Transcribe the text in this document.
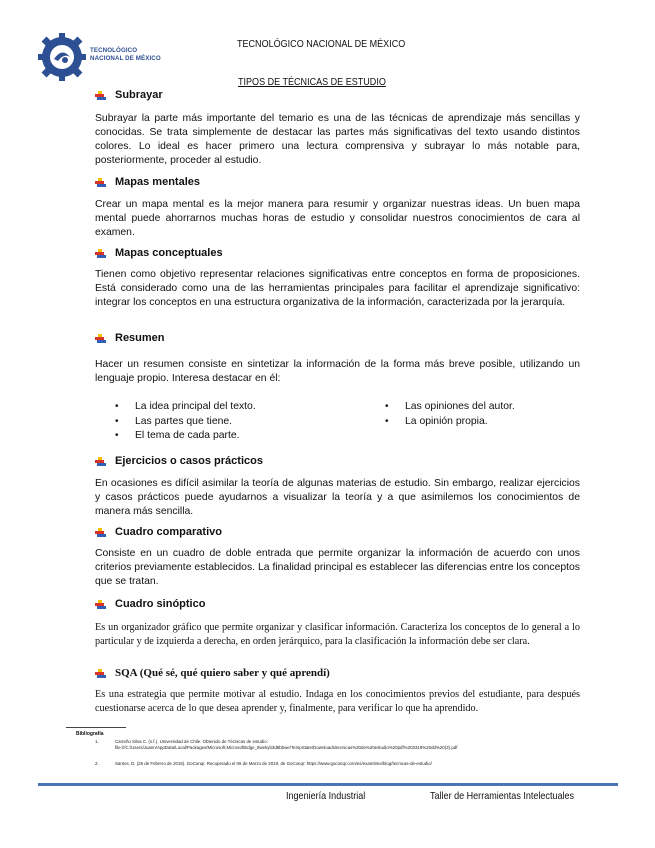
TECNOLÓGICO
NACIONAL DE MÉXICO
TECNOLÓGICO NACIONAL DE MÉXICO
TIPOS DE TÉCNICAS DE ESTUDIO
Subrayar
Subrayar la parte más importante del temario es una de las técnicas de aprendizaje más sencillas y conocidas. Se trata simplemente de destacar las partes más significativas del texto usando distintos colores. Lo ideal es hacer primero una lectura comprensiva y subrayar lo más notable para, posteriormente, proceder al estudio.
Mapas mentales
Crear un mapa mental es la mejor manera para resumir y organizar nuestras ideas. Un buen mapa mental puede ahorrarnos muchas horas de estudio y consolidar nuestros conocimientos de cara al examen.
Mapas conceptuales
Tienen como objetivo representar relaciones significativas entre conceptos en forma de proposiciones. Está considerado como una de las herramientas principales para facilitar el aprendizaje significativo: integrar los conceptos en una estructura organizativa de la información, caracterizada por la jerarquía.
Resumen
Hacer un resumen consiste en sintetizar la información de la forma más breve posible, utilizando un lenguaje propio. Interesa destacar en él:
• La idea principal del texto.
• Las partes que tiene.
• El tema de cada parte.
• Las opiniones del autor.
• La opinión propia.
Ejercicios o casos prácticos
En ocasiones es difícil asimilar la teoría de algunas materias de estudio. Sin embargo, realizar ejercicios y casos prácticos puede ayudarnos a visualizar la teoría y a que asimilemos los conocimientos de manera más sencilla.
Cuadro comparativo
Consiste en un cuadro de doble entrada que permite organizar la información de acuerdo con unos criterios previamente establecidos. La finalidad principal es establecer las diferencias entre los conceptos que se tratan.
Cuadro sinóptico
Es un organizador gráfico que permite organizar y clasificar información. Caracteriza los conceptos de lo general a lo particular y de izquierda a derecha, en orden jerárquico, para la clasificación la información debe ser clara.
SQA (Qué sé, qué quiero saber y qué aprendí)
Es una estrategia que permite motivar al estudio. Indaga en los conocimientos previos del estudiante, para después cuestionarse acerca de lo que desea aprender y, finalmente, para verificar lo que ha aprendido.
Bibliografía
1.	Carreño Silva C. (s.f.). Universidad de Chile. Obtenido de Técnicas de estudio:
file:///C:/Users/Juann/AppData/Local/Packages/Microsoft.MicrosoftEdge_8wekyb3d8bbwe/TempState/Downloads/tecnicas%20de%20estudio%20pdf%203318%20dd%20(2).pdf
2.	Santos, D. (26 de Febrero de 2015). GoConqr. Recuperado el 06 de Marzo de 2019, de GoConqr: https://www.goconqr.com/es/examtime/blog/tecnicas-de-estudio/
Ingeniería Industrial	Taller de Herramientas Intelectuales
